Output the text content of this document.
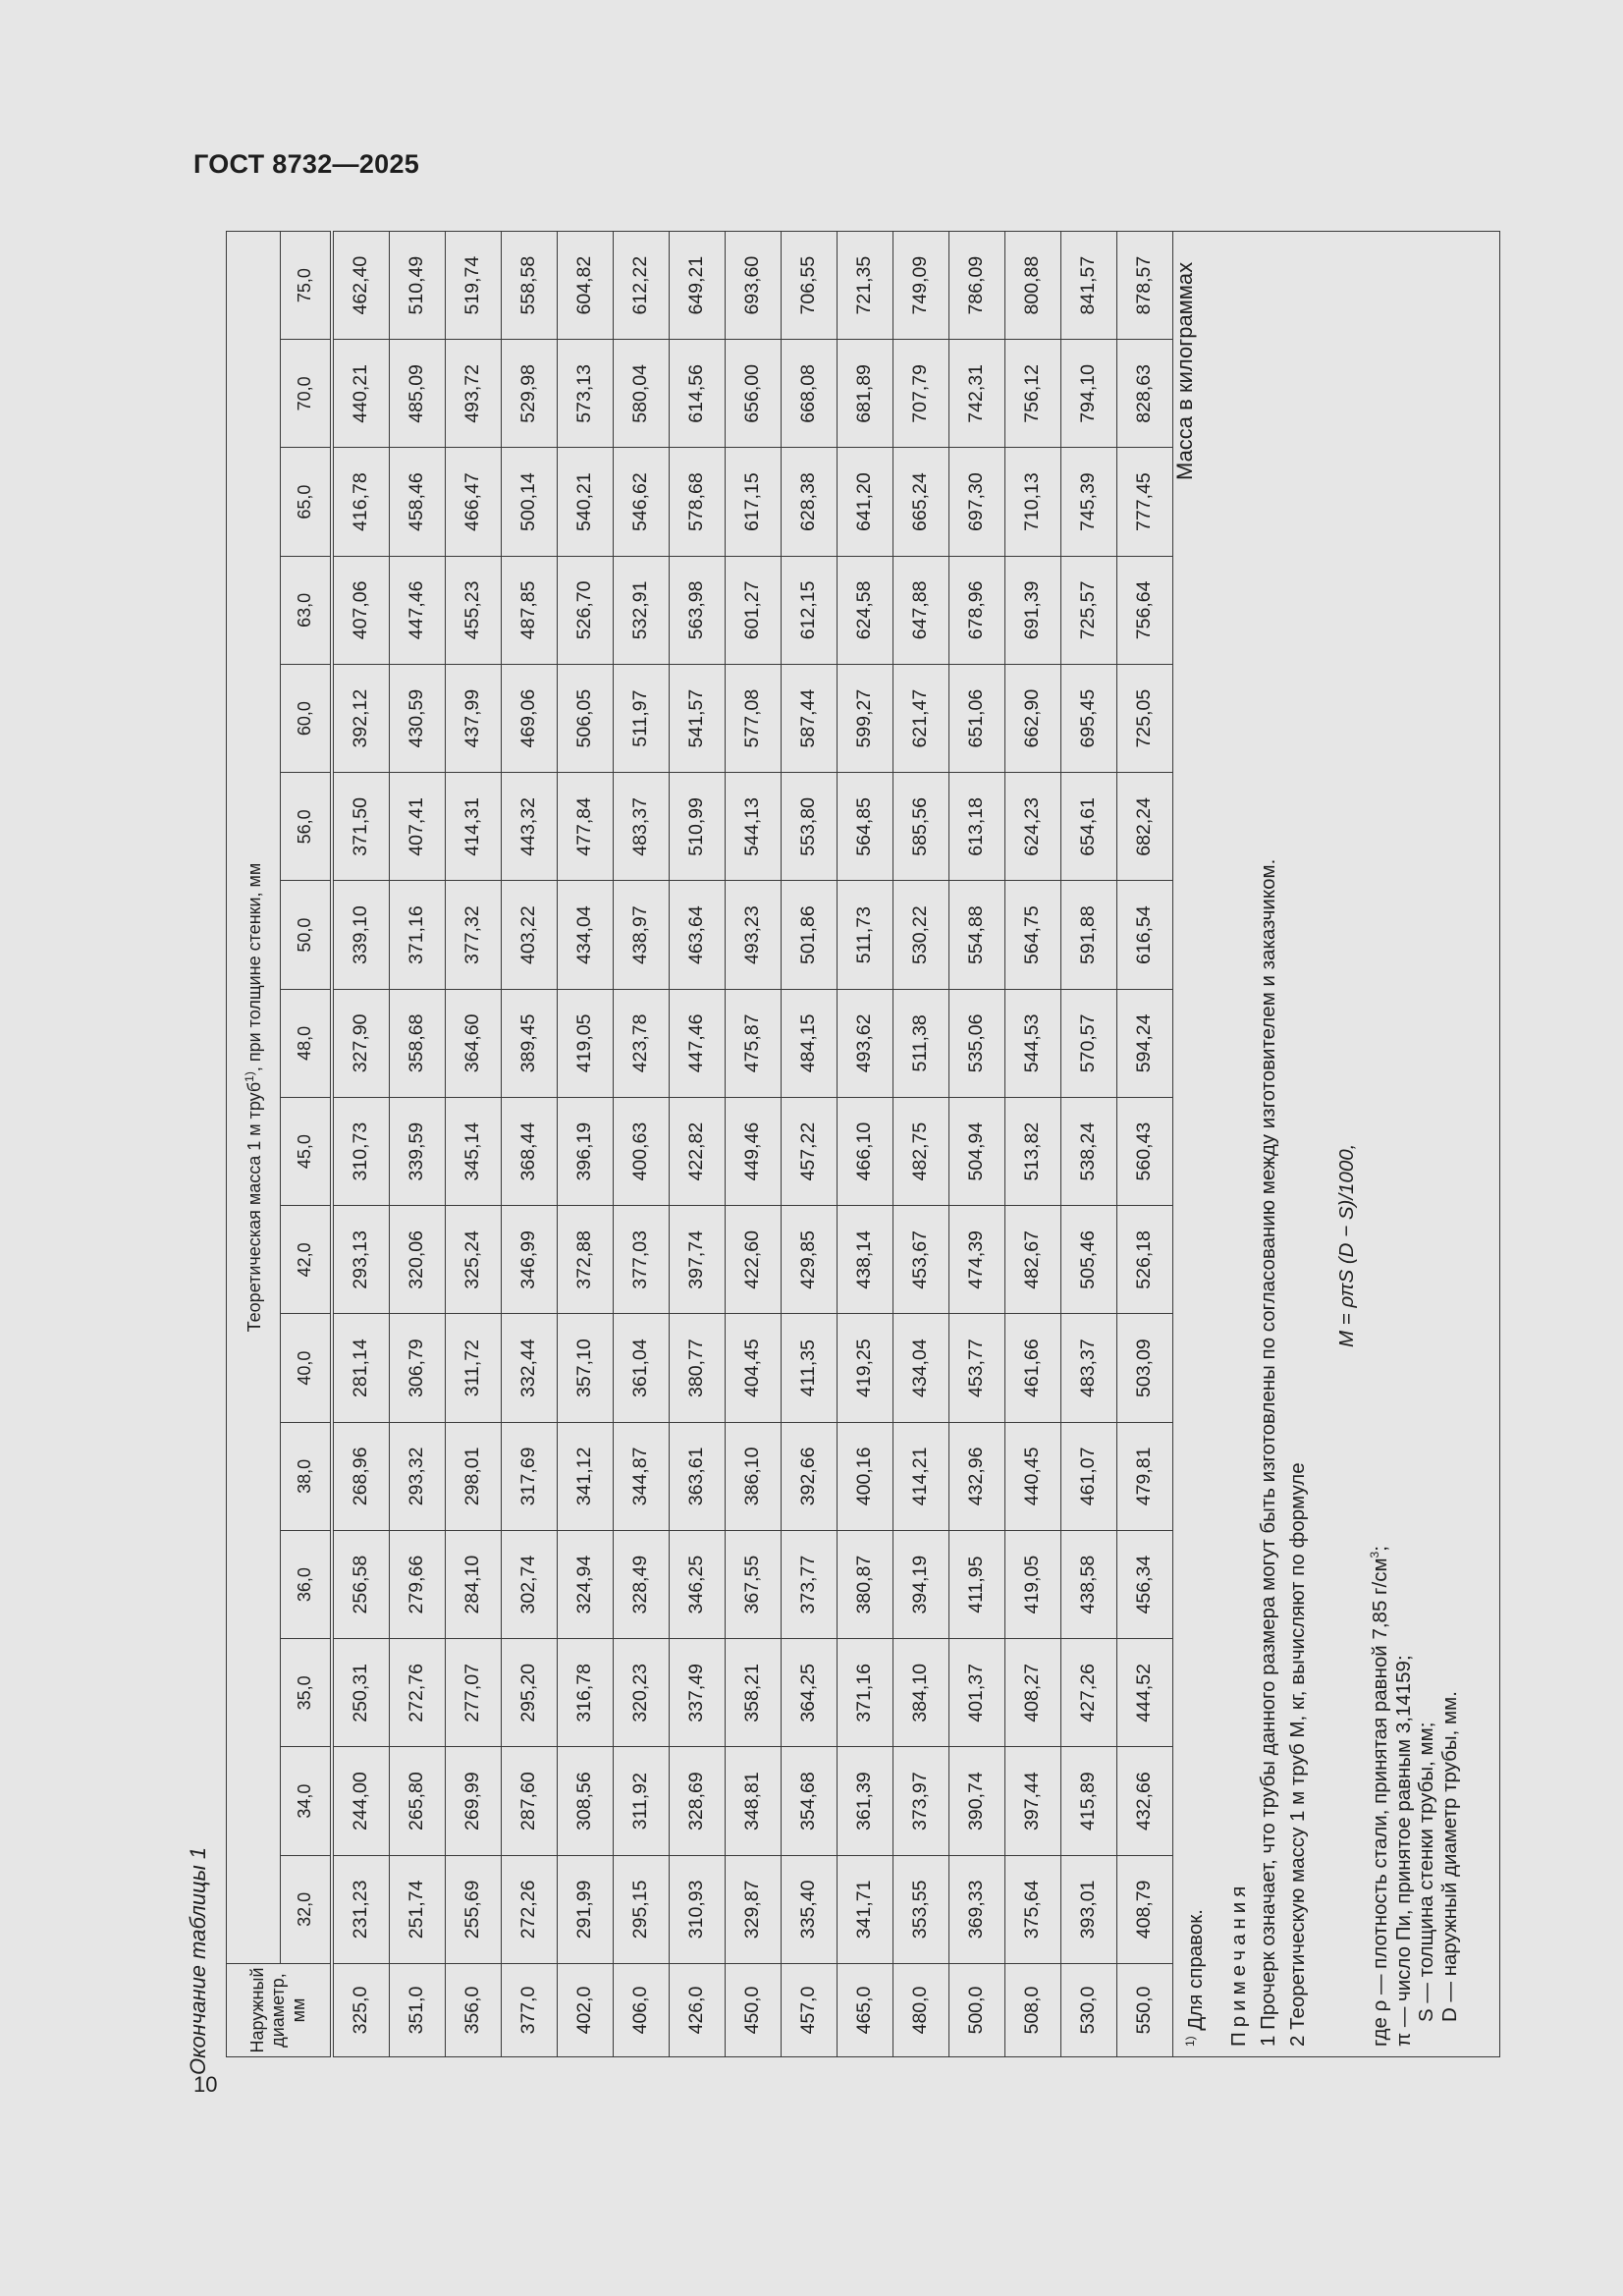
ГОСТ 8732—2025
10
Окончание таблицы 1
Масса в килограммах
Наружный диаметр, мм	Теоретическая масса 1 м труб$^{1)}$, при толщине стенки, мм															
	32,0	34,0	35,0	36,0	38,0	40,0	42,0	45,0	48,0	50,0	56,0	60,0	63,0	65,0	70,0	75,0
325,0	231,23	244,00	250,31	256,58	268,96	281,14	293,13	310,73	327,90	339,10	371,50	392,12	407,06	416,78	440,21	462,40
351,0	251,74	265,80	272,76	279,66	293,32	306,79	320,06	339,59	358,68	371,16	407,41	430,59	447,46	458,46	485,09	510,49
356,0	255,69	269,99	277,07	284,10	298,01	311,72	325,24	345,14	364,60	377,32	414,31	437,99	455,23	466,47	493,72	519,74
377,0	272,26	287,60	295,20	302,74	317,69	332,44	346,99	368,44	389,45	403,22	443,32	469,06	487,85	500,14	529,98	558,58
402,0	291,99	308,56	316,78	324,94	341,12	357,10	372,88	396,19	419,05	434,04	477,84	506,05	526,70	540,21	573,13	604,82
406,0	295,15	311,92	320,23	328,49	344,87	361,04	377,03	400,63	423,78	438,97	483,37	511,97	532,91	546,62	580,04	612,22
426,0	310,93	328,69	337,49	346,25	363,61	380,77	397,74	422,82	447,46	463,64	510,99	541,57	563,98	578,68	614,56	649,21
450,0	329,87	348,81	358,21	367,55	386,10	404,45	422,60	449,46	475,87	493,23	544,13	577,08	601,27	617,15	656,00	693,60
457,0	335,40	354,68	364,25	373,77	392,66	411,35	429,85	457,22	484,15	501,86	553,80	587,44	612,15	628,38	668,08	706,55
465,0	341,71	361,39	371,16	380,87	400,16	419,25	438,14	466,10	493,62	511,73	564,85	599,27	624,58	641,20	681,89	721,35
480,0	353,55	373,97	384,10	394,19	414,21	434,04	453,67	482,75	511,38	530,22	585,56	621,47	647,88	665,24	707,79	749,09
500,0	369,33	390,74	401,37	411,95	432,96	453,77	474,39	504,94	535,06	554,88	613,18	651,06	678,96	697,30	742,31	786,09
508,0	375,64	397,44	408,27	419,05	440,45	461,66	482,67	513,82	544,53	564,75	624,23	662,90	691,39	710,13	756,12	800,88
530,0	393,01	415,89	427,26	438,58	461,07	483,37	505,46	538,24	570,57	591,88	654,61	695,45	725,57	745,39	794,10	841,57
550,0	408,79	432,66	444,52	456,34	479,81	503,09	526,18	560,43	594,24	616,54	682,24	725,05	756,64	777,45	828,63	878,57
$^{1)}$ Для справок. Примечания 1 Прочерк означает, что трубы данного размера могут быть изготовлены по согласованию между изготовителем и заказчиком. 2 Теоретическую массу 1 м труб М, кг, вычисляют по формуле
M = ρπS (D − S)/1000,
где ρ — плотность стали, принятая равной 7,85 $г/см^3$;
π — число Пи, принятое равным 3,14159; S — толщина стенки трубы, мм; D — наружный диаметр трубы, мм.
